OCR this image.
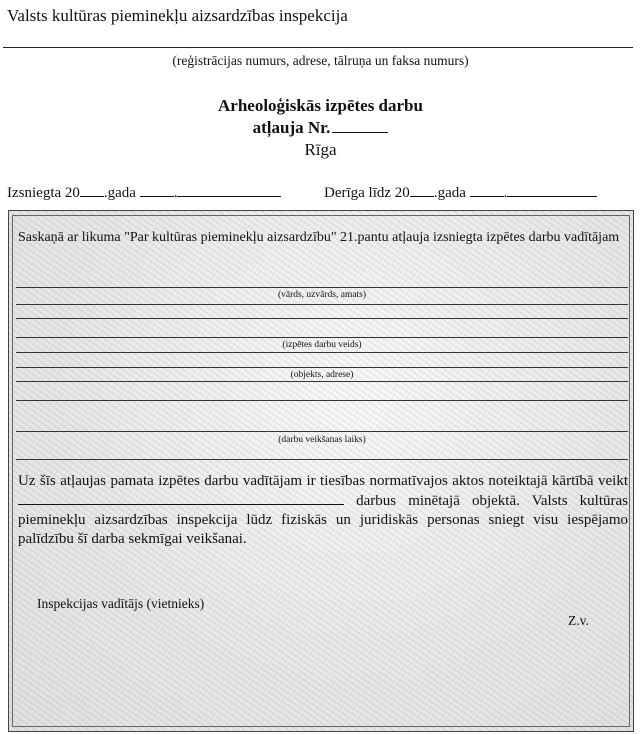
Valsts kultūras pieminekļu aizsardzības inspekcija
(reģistrācijas numurs, adrese, tālruņa un faksa numurs)
Arheoloģiskās izpētes darbu
atļauja Nr.
Rīga
Izsniegta 20 .gada	.	Derīga līdz 20 .gada	.
Saskaņā ar likuma "Par kultūras pieminekļu aizsardzību" 21.pantu atļauja izsniegta izpētes darbu vadītājam
(vārds, uzvārds, amats)
(izpētes darbu veids)
(objekts, adrese)
(darbu veikšanas laiks)
Uz šīs atļaujas pamata izpētes darbu vadītājam ir tiesības normatīvajos aktos noteiktajā kārtībā veikt  darbus minētajā objektā. Valsts kultūras pieminekļu aizsardzības inspekcija lūdz fiziskās un juridiskās personas sniegt visu iespējamo palīdzību šī darba sekmīgai veikšanai.
Inspekcijas vadītājs (vietnieks)
Z.v.
